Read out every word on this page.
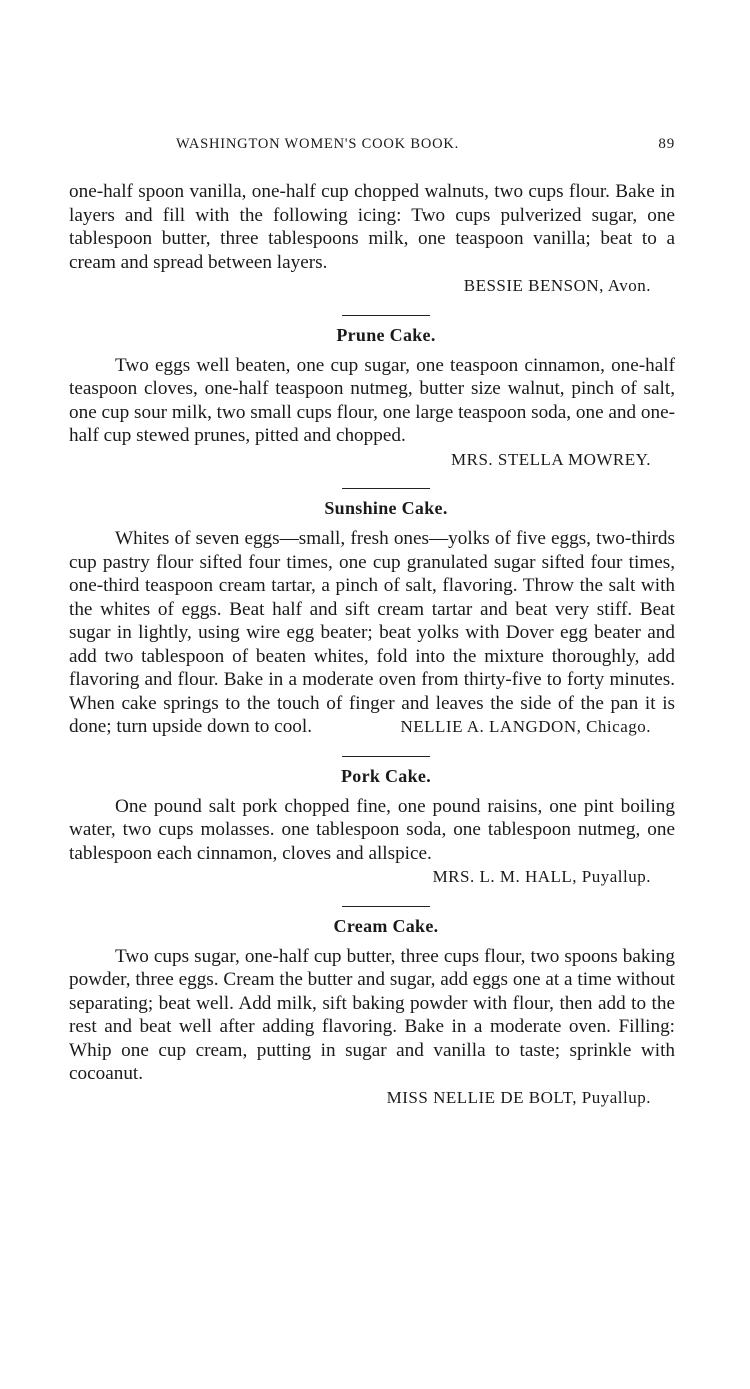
WASHINGTON WOMEN'S COOK BOOK.	89

one-half spoon vanilla, one-half cup chopped walnuts, two cups flour. Bake in layers and fill with the following icing: Two cups pulverized sugar, one tablespoon butter, three tablespoons milk, one teaspoon vanilla; beat to a cream and spread between layers.

BESSIE BENSON, Avon.
Prune Cake.

Two eggs well beaten, one cup sugar, one teaspoon cinnamon, one-half teaspoon cloves, one-half teaspoon nutmeg, butter size walnut, pinch of salt, one cup sour milk, two small cups flour, one large teaspoon soda, one and one-half cup stewed prunes, pitted and chopped.

MRS. STELLA MOWREY.
Sunshine Cake.

Whites of seven eggs—small, fresh ones—yolks of five eggs, two-thirds cup pastry flour sifted four times, one cup granulated sugar sifted four times, one-third teaspoon cream tartar, a pinch of salt, flavoring. Throw the salt with the whites of eggs. Beat half and sift cream tartar and beat very stiff. Beat sugar in lightly, using wire egg beater; beat yolks with Dover egg beater and add two tablespoon of beaten whites, fold into the mixture thoroughly, add flavoring and flour. Bake in a moderate oven from thirty-five to forty minutes. When cake springs to the touch of finger and leaves the side of the pan it is done; turn upside down to cool.	NELLIE A. LANGDON, Chicago.
Pork Cake.

One pound salt pork chopped fine, one pound raisins, one pint boiling water, two cups molasses. one tablespoon soda, one tablespoon nutmeg, one tablespoon each cinnamon, cloves and allspice.

MRS. L. M. HALL, Puyallup.
Cream Cake.

Two cups sugar, one-half cup butter, three cups flour, two spoons baking powder, three eggs. Cream the butter and sugar, add eggs one at a time without separating; beat well. Add milk, sift baking powder with flour, then add to the rest and beat well after adding flavoring. Bake in a moderate oven. Filling: Whip one cup cream, putting in sugar and vanilla to taste; sprinkle with cocoanut.

MISS NELLIE DE BOLT, Puyallup.
